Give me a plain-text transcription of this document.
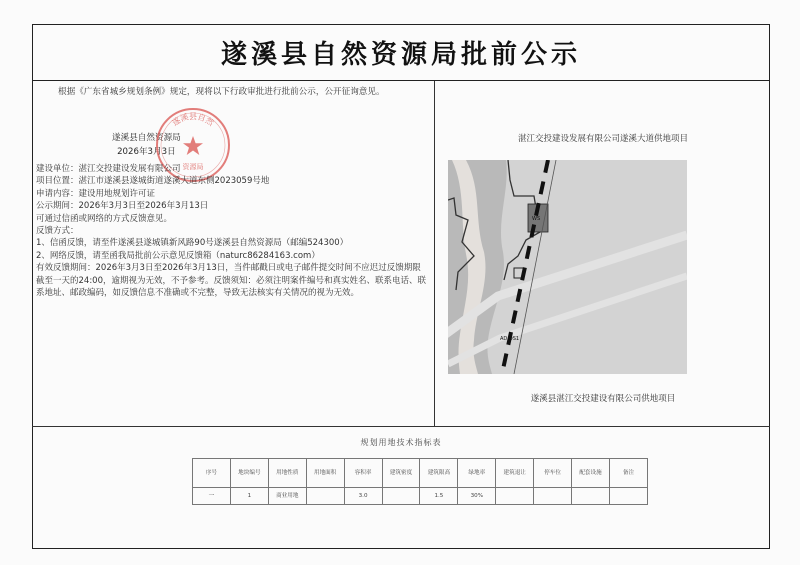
遂溪县自然资源局批前公示

根据《广东省城乡规划条例》规定，现将以下行政审批进行批前公示，公开征询意见。

遂溪县自然资源局
2026年3月3日
遂溪县自然
资源局

建设单位：湛江交投建设发展有限公司

项目位置：湛江市遂溪县遂城街道遂溪大道东侧2023059号地

申请内容：建设用地规划许可证

公示期间：2026年3月3日至2026年3月13日

可通过信函或网络的方式反馈意见。

反馈方式：

1、信函反馈，请至件遂溪县遂城镇新风路90号遂溪县自然资源局（邮编524300）

2、网络反馈，请至函我局批前公示意见反馈箱（naturc86284163.com）

有效反馈期间：2026年3月3日至2026年3月13日，当件邮戳日或电子邮件提交时间不应迟过反馈期限截至一天的24:00，逾期视为无效，不予参考。反馈须知：必须注明案件编号和真实姓名、联系电话、联系地址、邮政编码，如反馈信息不准确或不完整，导致无法核实有关情况的视为无效。

湛江交投建设发展有限公司遂溪大道供地项目
WS
AD DS1
遂溪县湛江交投建设有限公司供地项目
规划用地技术指标表
序号	地块编号	用地性质	用地面积	容积率	建筑密度	建筑限高	绿地率	建筑退让	停车位	配套设施	备注
一	1	商业用地		3.0		1.5	30%				
